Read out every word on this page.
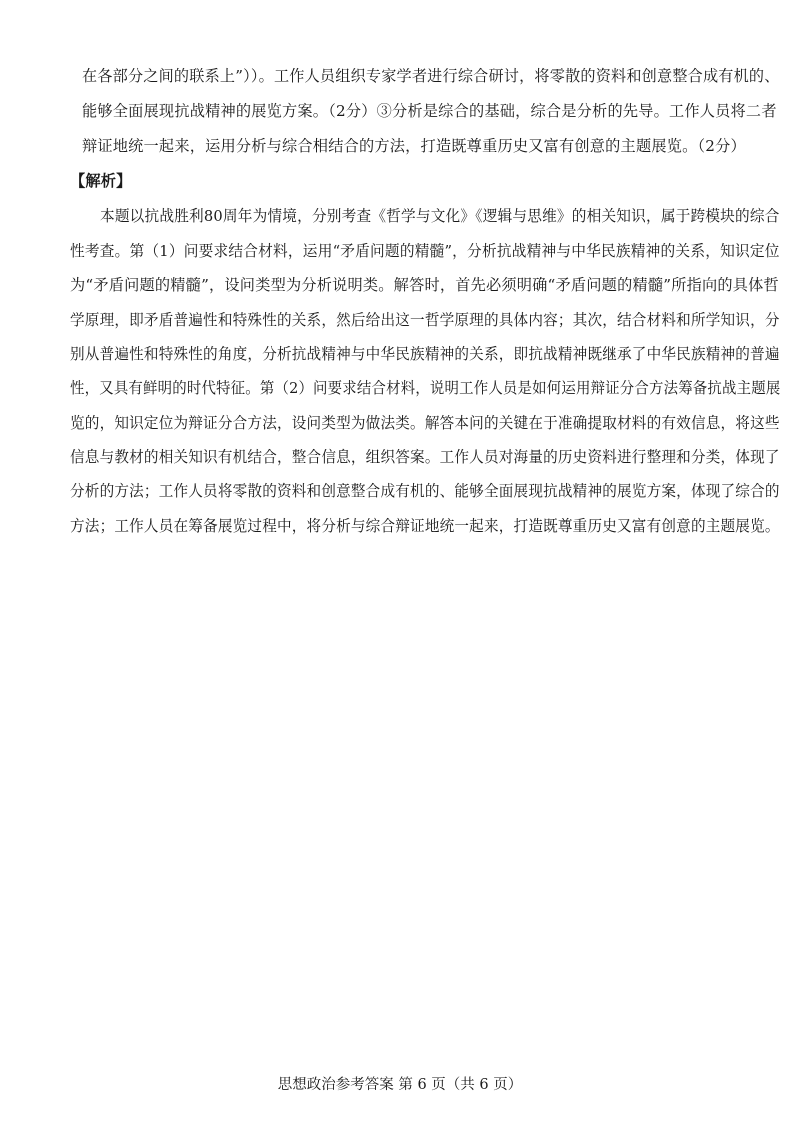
在各部分之间的联系上”））。工作人员组织专家学者进行综合研讨，将零散的资料和创意整合成有机的、
能够全面展现抗战精神的展览方案。（2分）③分析是综合的基础，综合是分析的先导。工作人员将二者
辩证地统一起来，运用分析与综合相结合的方法，打造既尊重历史又富有创意的主题展览。（2分）
【解析】
本题以抗战胜利80周年为情境，分别考查《哲学与文化》《逻辑与思维》的相关知识，属于跨模块的综合
性考查。第（1）问要求结合材料，运用“矛盾问题的精髓”，分析抗战精神与中华民族精神的关系，知识定位
为“矛盾问题的精髓”，设问类型为分析说明类。解答时，首先必须明确“矛盾问题的精髓”所指向的具体哲
学原理，即矛盾普遍性和特殊性的关系，然后给出这一哲学原理的具体内容；其次，结合材料和所学知识，分
别从普遍性和特殊性的角度，分析抗战精神与中华民族精神的关系，即抗战精神既继承了中华民族精神的普遍
性，又具有鲜明的时代特征。第（2）问要求结合材料，说明工作人员是如何运用辩证分合方法筹备抗战主题展
览的，知识定位为辩证分合方法，设问类型为做法类。解答本问的关键在于准确提取材料的有效信息，将这些
信息与教材的相关知识有机结合，整合信息，组织答案。工作人员对海量的历史资料进行整理和分类，体现了
分析的方法；工作人员将零散的资料和创意整合成有机的、能够全面展现抗战精神的展览方案，体现了综合的
方法；工作人员在筹备展览过程中，将分析与综合辩证地统一起来，打造既尊重历史又富有创意的主题展览。
思想政治参考答案 第 6 页（共 6 页）
